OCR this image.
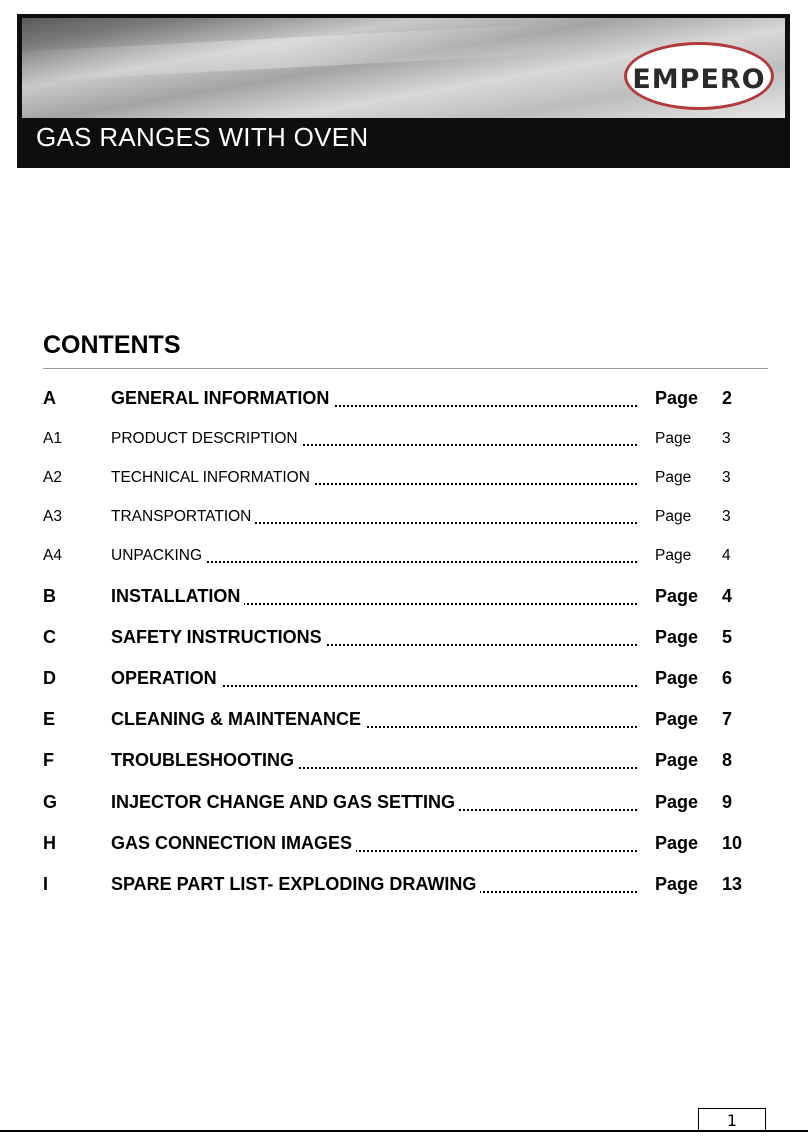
EMPERO
GAS RANGES WITH OVEN
CONTENTS
A	GENERAL INFORMATION	Page 2
A1	PRODUCT DESCRIPTION	Page 3
A2	TECHNICAL INFORMATION	Page 3
A3	TRANSPORTATION	Page 3
A4	UNPACKING	Page 4
B	INSTALLATION	Page 4
C	SAFETY INSTRUCTIONS	Page 5
D	OPERATION	Page 6
E	CLEANING & MAINTENANCE	Page 7
F	TROUBLESHOOTING	Page 8
G	INJECTOR CHANGE AND GAS SETTING	Page 9
H	GAS CONNECTION IMAGES	Page 10
I	SPARE PART LIST- EXPLODING DRAWING	Page 13
1
